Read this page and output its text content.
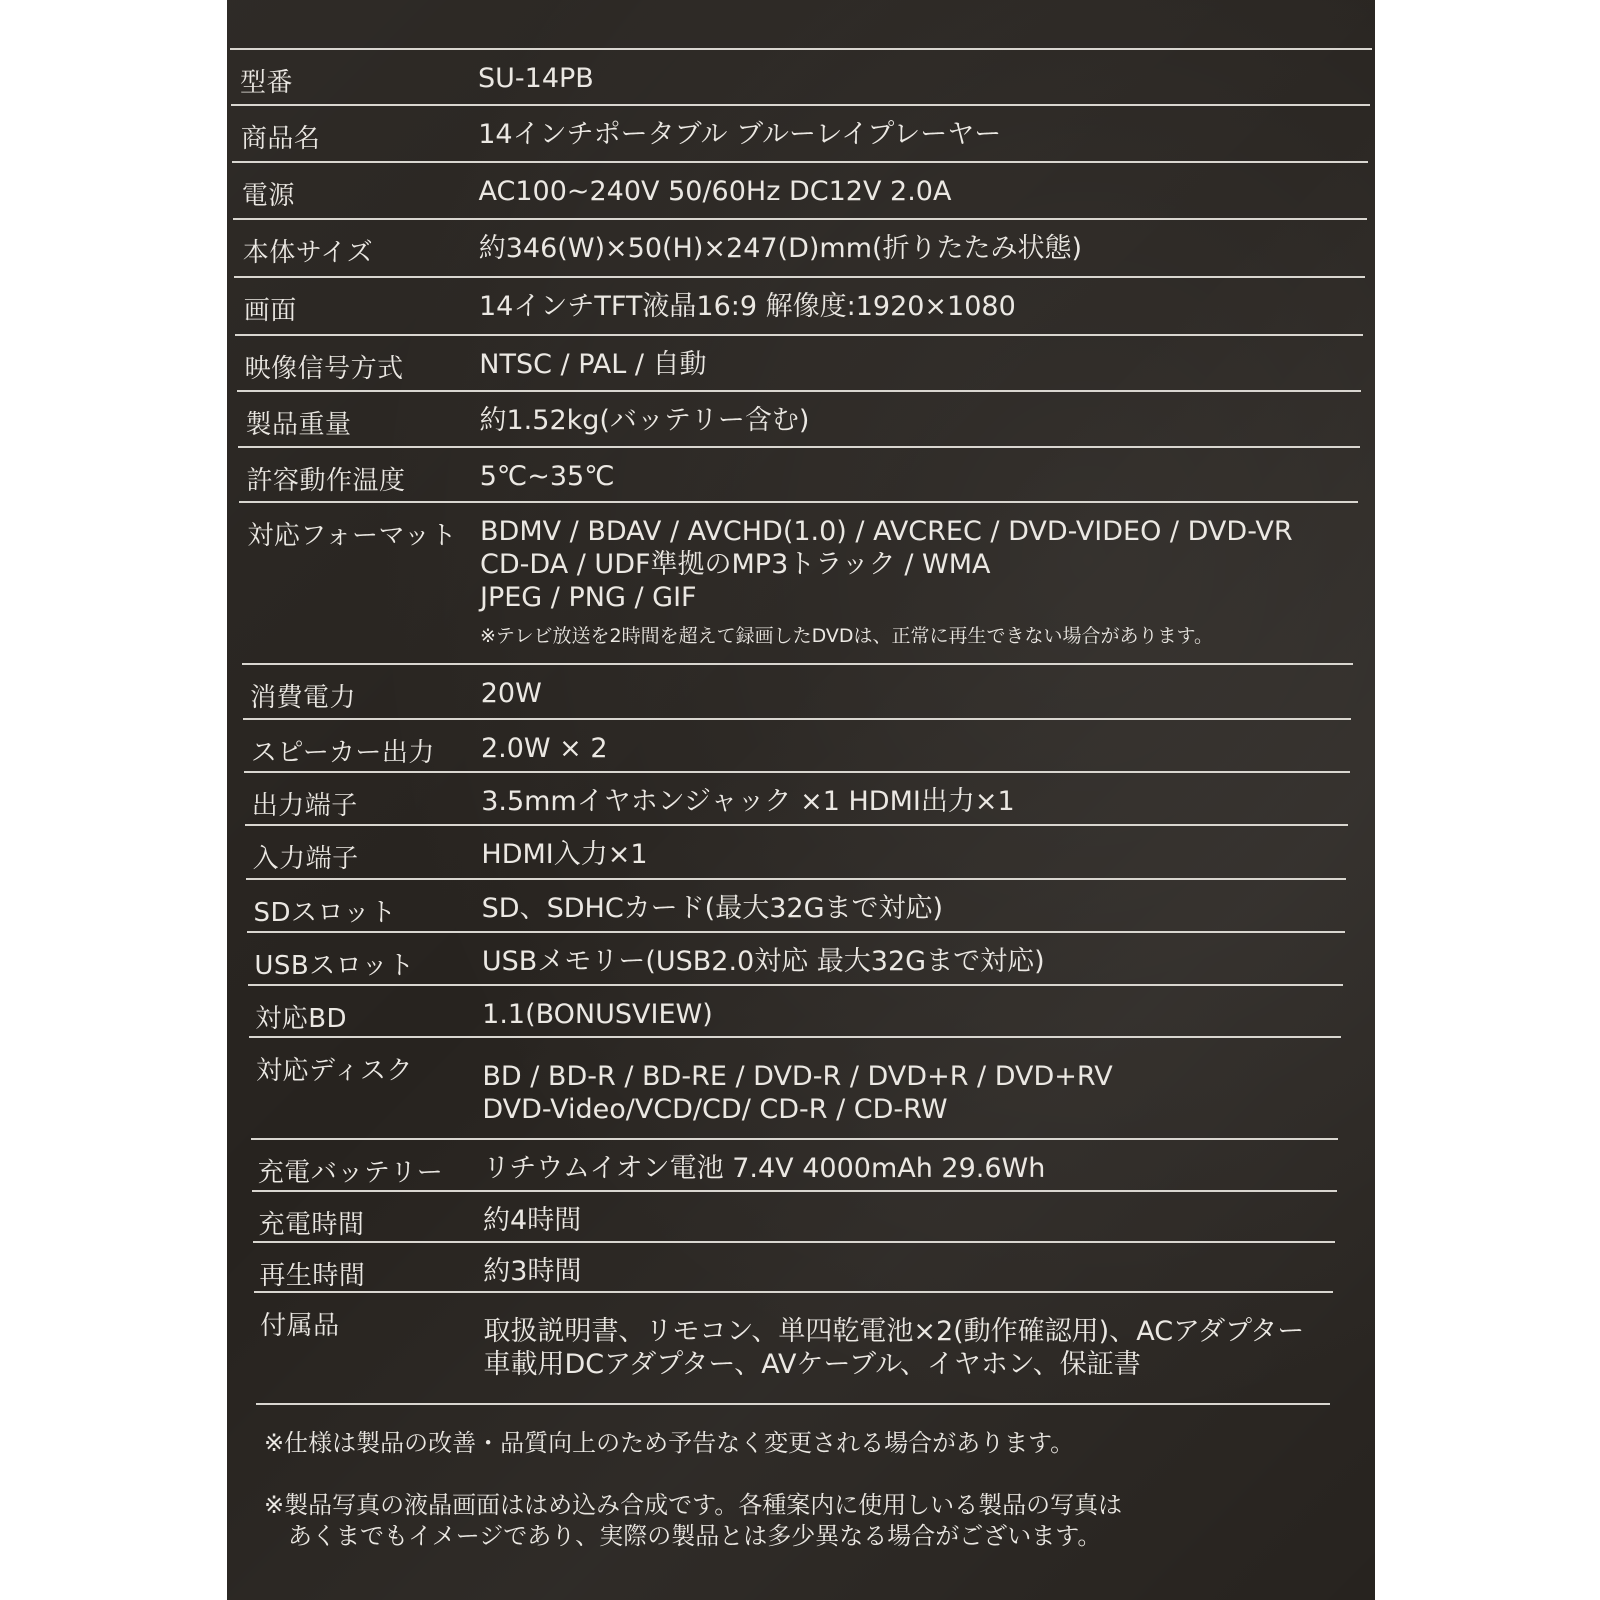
型番	SU-14PB
商品名	14インチポータブル ブルーレイプレーヤー
電源	AC100~240V 50/60Hz DC12V 2.0A
本体サイズ	約346(W)×50(H)×247(D)mm(折りたたみ状態)
画面	14インチTFT液晶16:9 解像度:1920×1080
映像信号方式	NTSC / PAL / 自動
製品重量	約1.52kg(バッテリー含む)
許容動作温度	5℃~35℃
対応フォーマット BDMV / BDAV / AVCHD(1.0) / AVCREC / DVD-VIDEO / DVD-VR
CD-DA / UDF準拠のMP3トラック / WMA
JPEG / PNG / GIF
※テレビ放送を2時間を超えて録画したDVDは、正常に再生できない場合があります。
消費電力	20W
スピーカー出力 2.0W × 2
出力端子	3.5mmイヤホンジャック ×1 HDMI出力×1
入力端子	HDMI入力×1
SDスロット	SD、SDHCカード(最大32Gまで対応)
USBスロット USBメモリー(USB2.0対応 最大32Gまで対応)
対応BD	1.1(BONUSVIEW)
対応ディスク	BD / BD-R / BD-RE / DVD-R / DVD+R / DVD+RV
DVD-Video/VCD/CD/ CD-R / CD-RW
充電バッテリー リチウムイオン電池 7.4V 4000mAh 29.6Wh
充電時間	約4時間
再生時間	約3時間
付属品	取扱説明書、リモコン、単四乾電池×2(動作確認用)、ACアダプター
車載用DCアダプター、AVケーブル、イヤホン、保証書
※仕様は製品の改善・品質向上のため予告なく変更される場合があります。
※製品写真の液晶画面ははめ込み合成です。各種案内に使用しいる製品の写真は
　あくまでもイメージであり、実際の製品とは多少異なる場合がございます。
